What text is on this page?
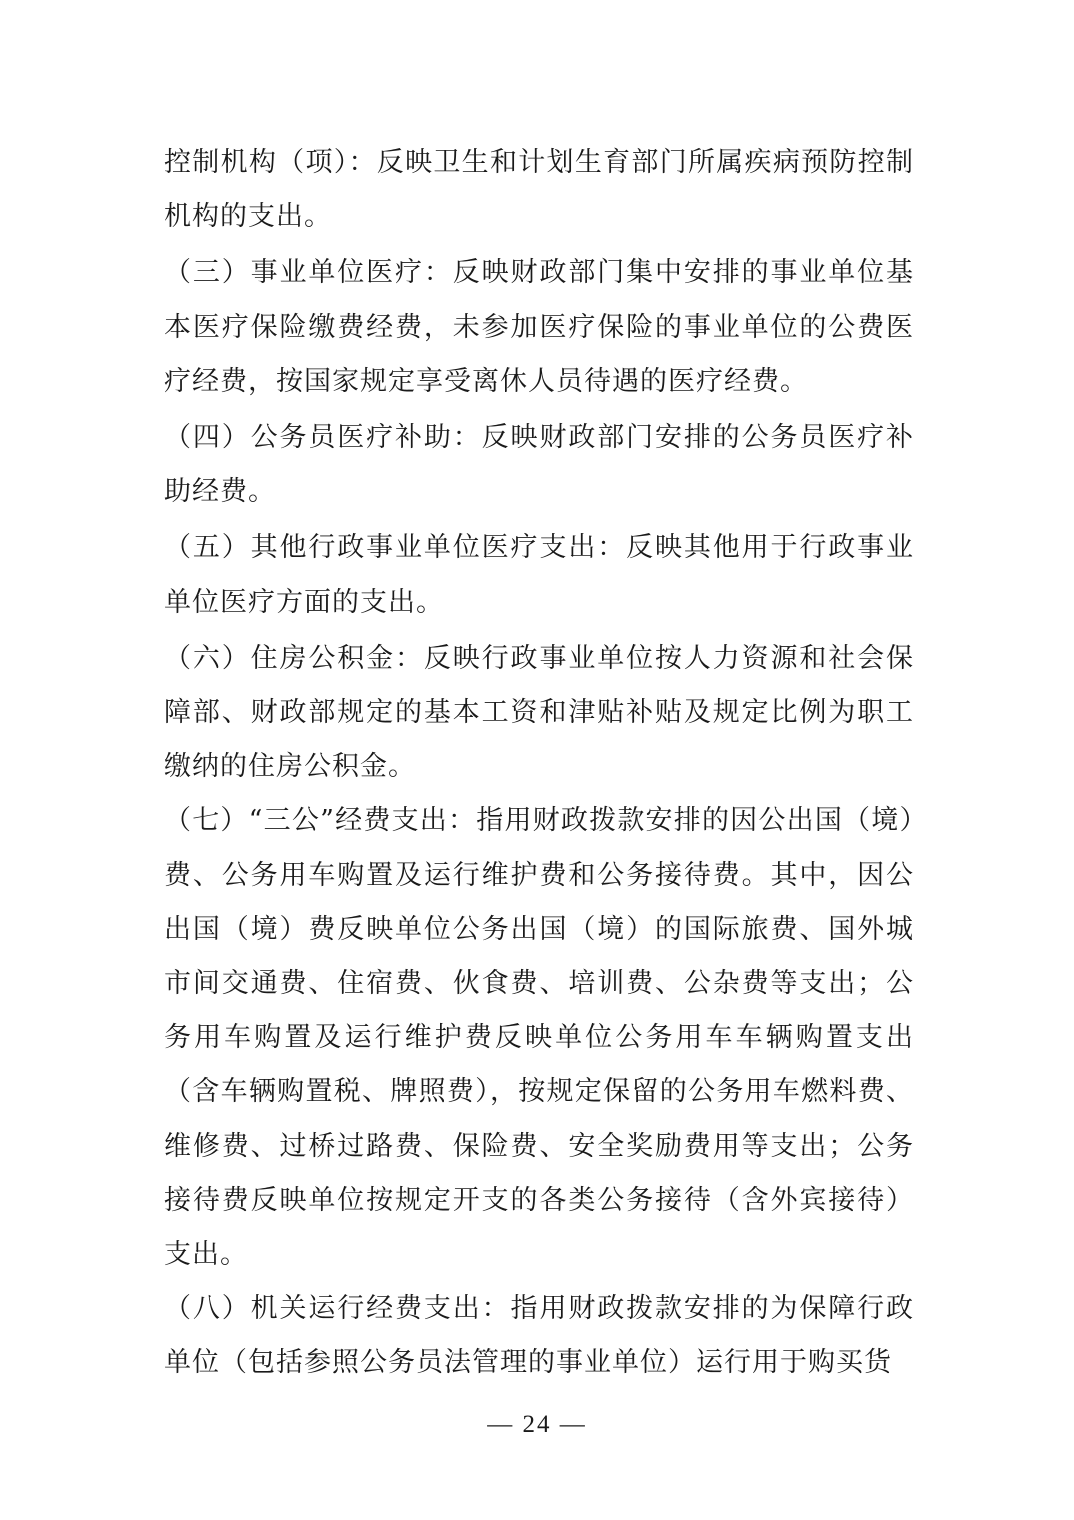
控制机构（项）：反映卫生和计划生育部门所属疾病预防控制机构的支出。

（三）事业单位医疗：反映财政部门集中安排的事业单位基本医疗保险缴费经费，未参加医疗保险的事业单位的公费医疗经费，按国家规定享受离休人员待遇的医疗经费。

（四）公务员医疗补助：反映财政部门安排的公务员医疗补助经费。

（五）其他行政事业单位医疗支出：反映其他用于行政事业单位医疗方面的支出。

（六）住房公积金：反映行政事业单位按人力资源和社会保障部、财政部规定的基本工资和津贴补贴及规定比例为职工缴纳的住房公积金。

（七）“三公”经费支出：指用财政拨款安排的因公出国（境）费、公务用车购置及运行维护费和公务接待费。其中，因公出国（境）费反映单位公务出国（境）的国际旅费、国外城市间交通费、住宿费、伙食费、培训费、公杂费等支出；公务用车购置及运行维护费反映单位公务用车车辆购置支出（含车辆购置税、牌照费），按规定保留的公务用车燃料费、维修费、过桥过路费、保险费、安全奖励费用等支出；公务接待费反映单位按规定开支的各类公务接待（含外宾接待）支出。

（八）机关运行经费支出：指用财政拨款安排的为保障行政单位（包括参照公务员法管理的事业单位）运行用于购买货

— 24 —
